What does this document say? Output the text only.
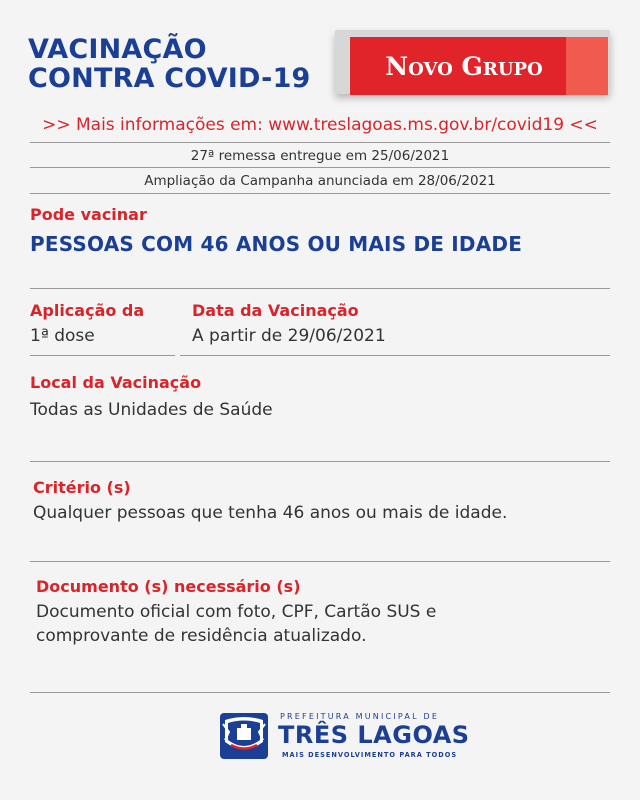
VACINAÇÃO
CONTRA COVID-19	Novo Grupo
>> Mais informações em: www.treslagoas.ms.gov.br/covid19 <<
27ª remessa entregue em 25/06/2021
Ampliação da Campanha anunciada em 28/06/2021
Pode vacinar
PESSOAS COM 46 ANOS OU MAIS DE IDADE
Aplicação da
1ª dose
Data da Vacinação
A partir de 29/06/2021
Local da Vacinação
Todas as Unidades de Saúde
Critério (s)
Qualquer pessoas que tenha 46 anos ou mais de idade.
Documento (s) necessário (s)
Documento oficial com foto, CPF, Cartão SUS e
comprovante de residência atualizado.
PREFEITURA MUNICIPAL DE
TRÊS LAGOAS
MAIS DESENVOLVIMENTO PARA TODOS
